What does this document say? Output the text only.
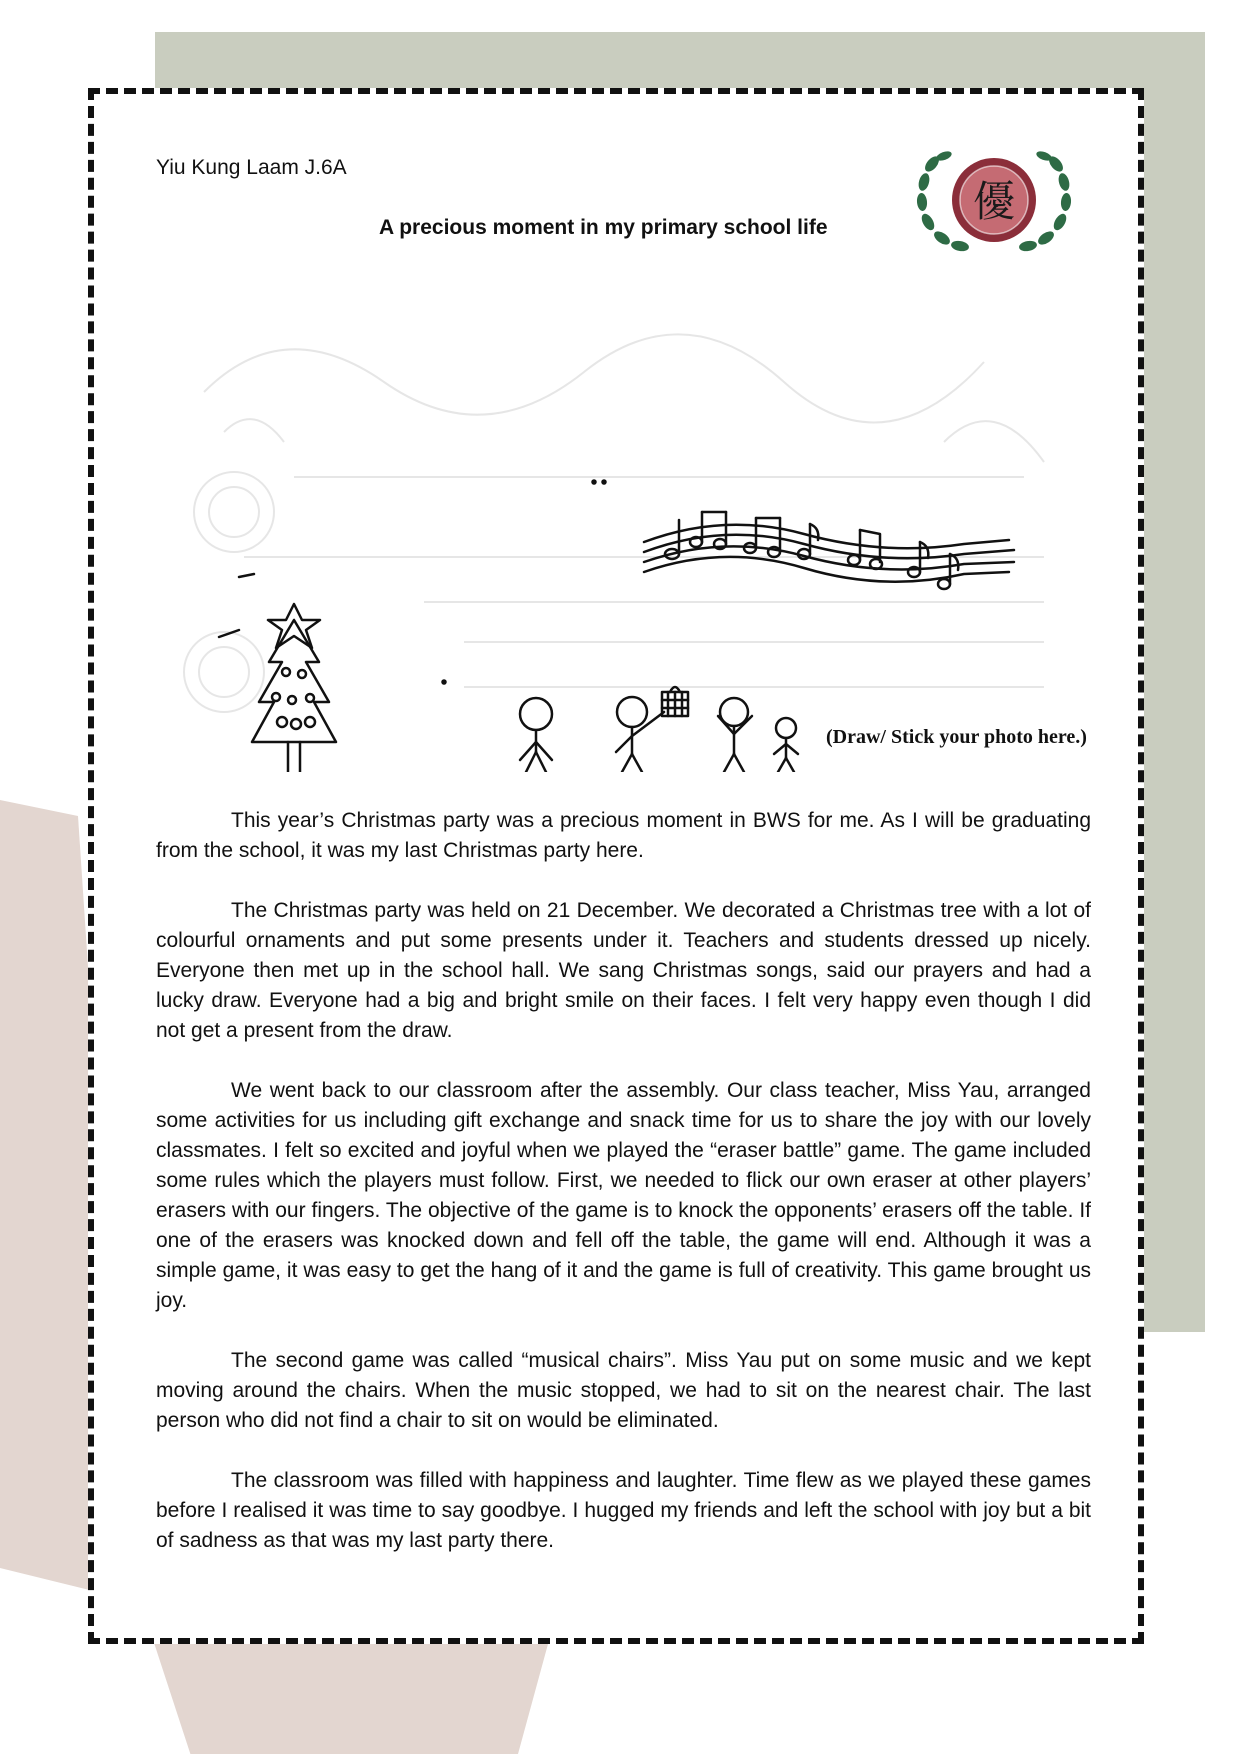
Yiu Kung Laam J.6A
A precious moment in my primary school life
優
(Draw/ Stick your photo here.)

This year’s Christmas party was a precious moment in BWS for me. As I will be graduating from the school, it was my last Christmas party here.

The Christmas party was held on 21 December. We decorated a Christmas tree with a lot of colourful ornaments and put some presents under it. Teachers and students dressed up nicely. Everyone then met up in the school hall. We sang Christmas songs, said our prayers and had a lucky draw. Everyone had a big and bright smile on their faces. I felt very happy even though I did not get a present from the draw.

We went back to our classroom after the assembly. Our class teacher, Miss Yau, arranged some activities for us including gift exchange and snack time for us to share the joy with our lovely classmates. I felt so excited and joyful when we played the “eraser battle” game. The game included some rules which the players must follow. First, we needed to flick our own eraser at other players’ erasers with our fingers. The objective of the game is to knock the opponents’ erasers off the table. If one of the erasers was knocked down and fell off the table, the game will end. Although it was a simple game, it was easy to get the hang of it and the game is full of creativity. This game brought us joy.

The second game was called “musical chairs”. Miss Yau put on some music and we kept moving around the chairs. When the music stopped, we had to sit on the nearest chair. The last person who did not find a chair to sit on would be eliminated.

The classroom was filled with happiness and laughter. Time flew as we played these games before I realised it was time to say goodbye. I hugged my friends and left the school with joy but a bit of sadness as that was my last party there.
